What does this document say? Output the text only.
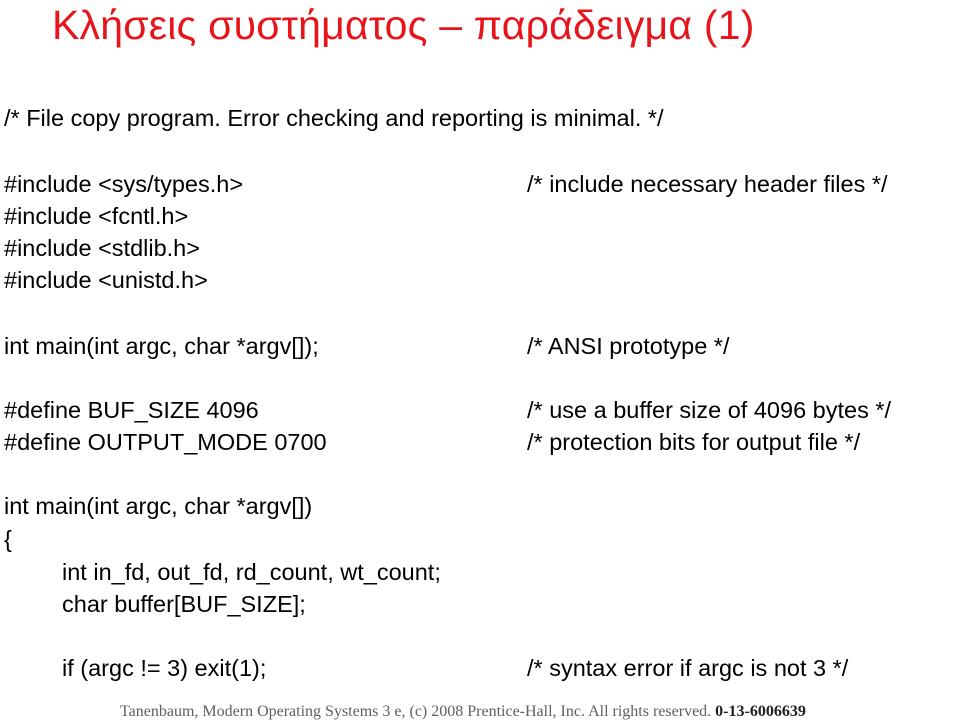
Κλήσεις συστήματος – παράδειγμα (1)
/* File copy program. Error checking and reporting is minimal. */
#include <sys/types.h>	/* include necessary header files */
#include <fcntl.h>
#include <stdlib.h>
#include <unistd.h>
int main(int argc, char *argv[]);	/* ANSI prototype */
#define BUF_SIZE 4096	/* use a buffer size of 4096 bytes */
#define OUTPUT_MODE 0700	/* protection bits for output file */
int main(int argc, char *argv[])
{
int in_fd, out_fd, rd_count, wt_count;
char buffer[BUF_SIZE];
if (argc != 3) exit(1);	/* syntax error if argc is not 3 */
Tanenbaum, Modern Operating Systems 3 e, (c) 2008 Prentice-Hall, Inc. All rights reserved. 0-13-6006639
